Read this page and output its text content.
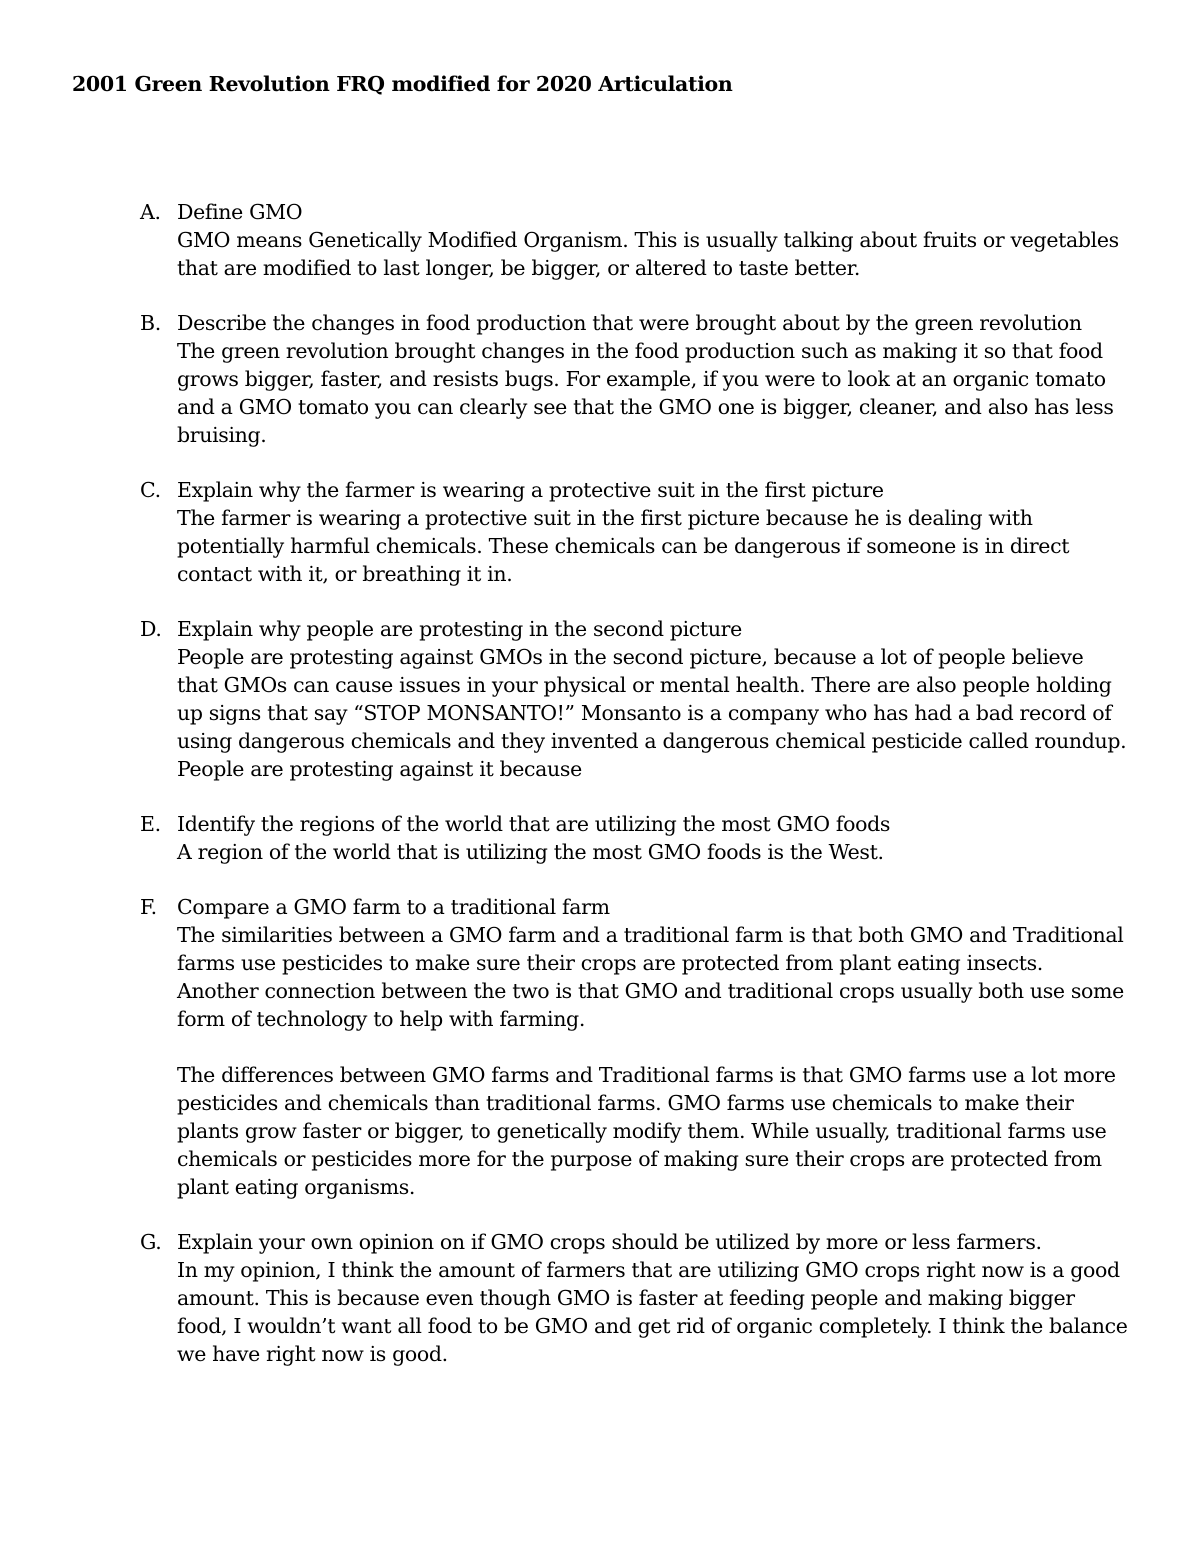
2001 Green Revolution FRQ modified for 2020 Articulation
A. Define GMO

GMO means Genetically Modified Organism. This is usually talking about fruits or vegetables that are modified to last longer, be bigger, or altered to taste better.

B. Describe the changes in food production that were brought about by the green revolution

The green revolution brought changes in the food production such as making it so that food grows bigger, faster, and resists bugs. For example, if you were to look at an organic tomato and a GMO tomato you can clearly see that the GMO one is bigger, cleaner, and also has less bruising.

C. Explain why the farmer is wearing a protective suit in the first picture

The farmer is wearing a protective suit in the first picture because he is dealing with potentially harmful chemicals. These chemicals can be dangerous if someone is in direct contact with it, or breathing it in.

D. Explain why people are protesting in the second picture

People are protesting against GMOs in the second picture, because a lot of people believe that GMOs can cause issues in your physical or mental health. There are also people holding up signs that say “STOP MONSANTO!” Monsanto is a company who has had a bad record of using dangerous chemicals and they invented a dangerous chemical pesticide called roundup. People are protesting against it because

E. Identify the regions of the world that are utilizing the most GMO foods

A region of the world that is utilizing the most GMO foods is the West.

F. Compare a GMO farm to a traditional farm

The similarities between a GMO farm and a traditional farm is that both GMO and Traditional farms use pesticides to make sure their crops are protected from plant eating insects. Another connection between the two is that GMO and traditional crops usually both use some form of technology to help with farming.

The differences between GMO farms and Traditional farms is that GMO farms use a lot more pesticides and chemicals than traditional farms. GMO farms use chemicals to make their plants grow faster or bigger, to genetically modify them. While usually, traditional farms use chemicals or pesticides more for the purpose of making sure their crops are protected from plant eating organisms.

G. Explain your own opinion on if GMO crops should be utilized by more or less farmers.

In my opinion, I think the amount of farmers that are utilizing GMO crops right now is a good amount. This is because even though GMO is faster at feeding people and making bigger food, I wouldn’t want all food to be GMO and get rid of organic completely. I think the balance we have right now is good.
